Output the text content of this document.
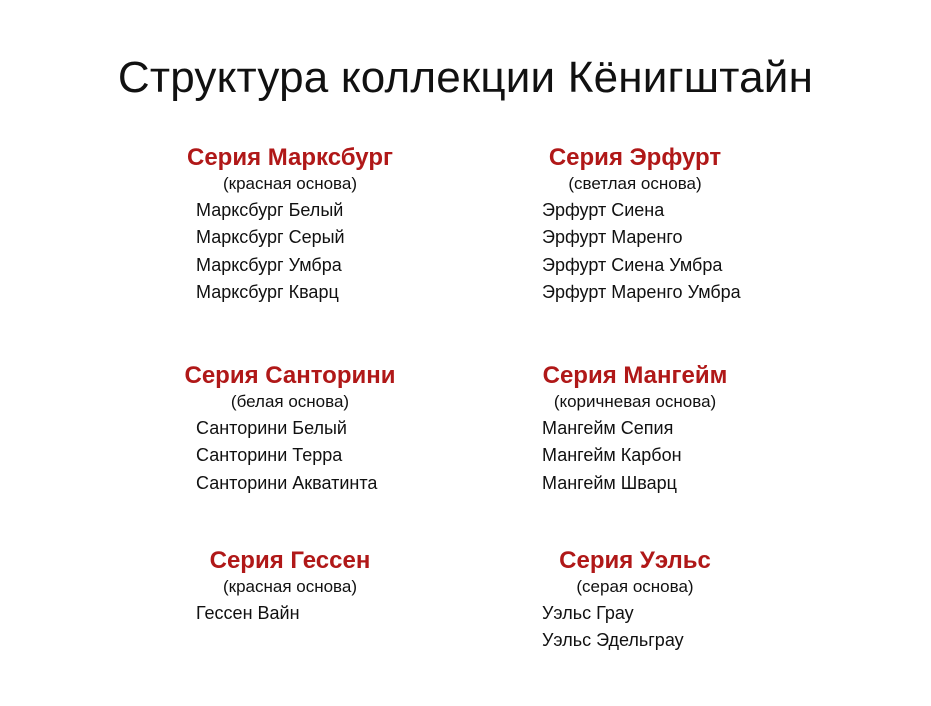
Структура коллекции Кёнигштайн

Серия Марксбург

(красная основа)

Марксбург Белый
Марксбург Серый
Марксбург Умбра
Марксбург Кварц

Серия Эрфурт

(светлая основа)

Эрфурт Сиена
Эрфурт Маренго
Эрфурт Сиена Умбра
Эрфурт Маренго Умбра

Серия Санторини

(белая основа)

Санторини Белый
Санторини Терра
Санторини Акватинта

Серия Мангейм

(коричневая основа)

Мангейм Сепия
Мангейм Карбон
Мангейм Шварц

Серия Гессен

(красная основа)

Гессен Вайн

Серия Уэльс

(серая основа)

Уэльс Грау
Уэльс Эдельграу
